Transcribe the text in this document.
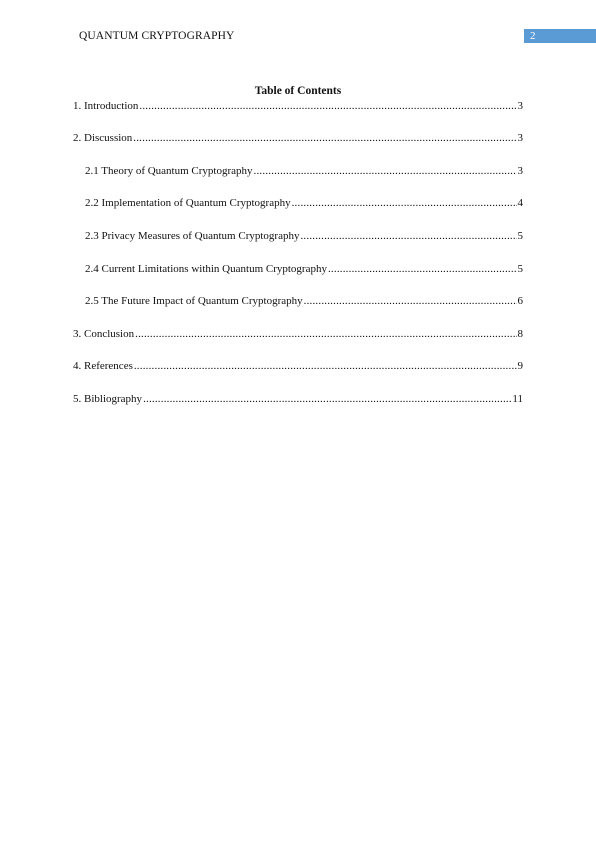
QUANTUM CRYPTOGRAPHY	2
Table of Contents
1. Introduction .....	3
2. Discussion .....	3
2.1 Theory of Quantum Cryptography .....	3
2.2 Implementation of Quantum Cryptography .....	4
2.3 Privacy Measures of Quantum Cryptography .....	5
2.4 Current Limitations within Quantum Cryptography .....	5
2.5 The Future Impact of Quantum Cryptography .....	6
3. Conclusion .....	8
4. References .....	9
5. Bibliography .....	11
